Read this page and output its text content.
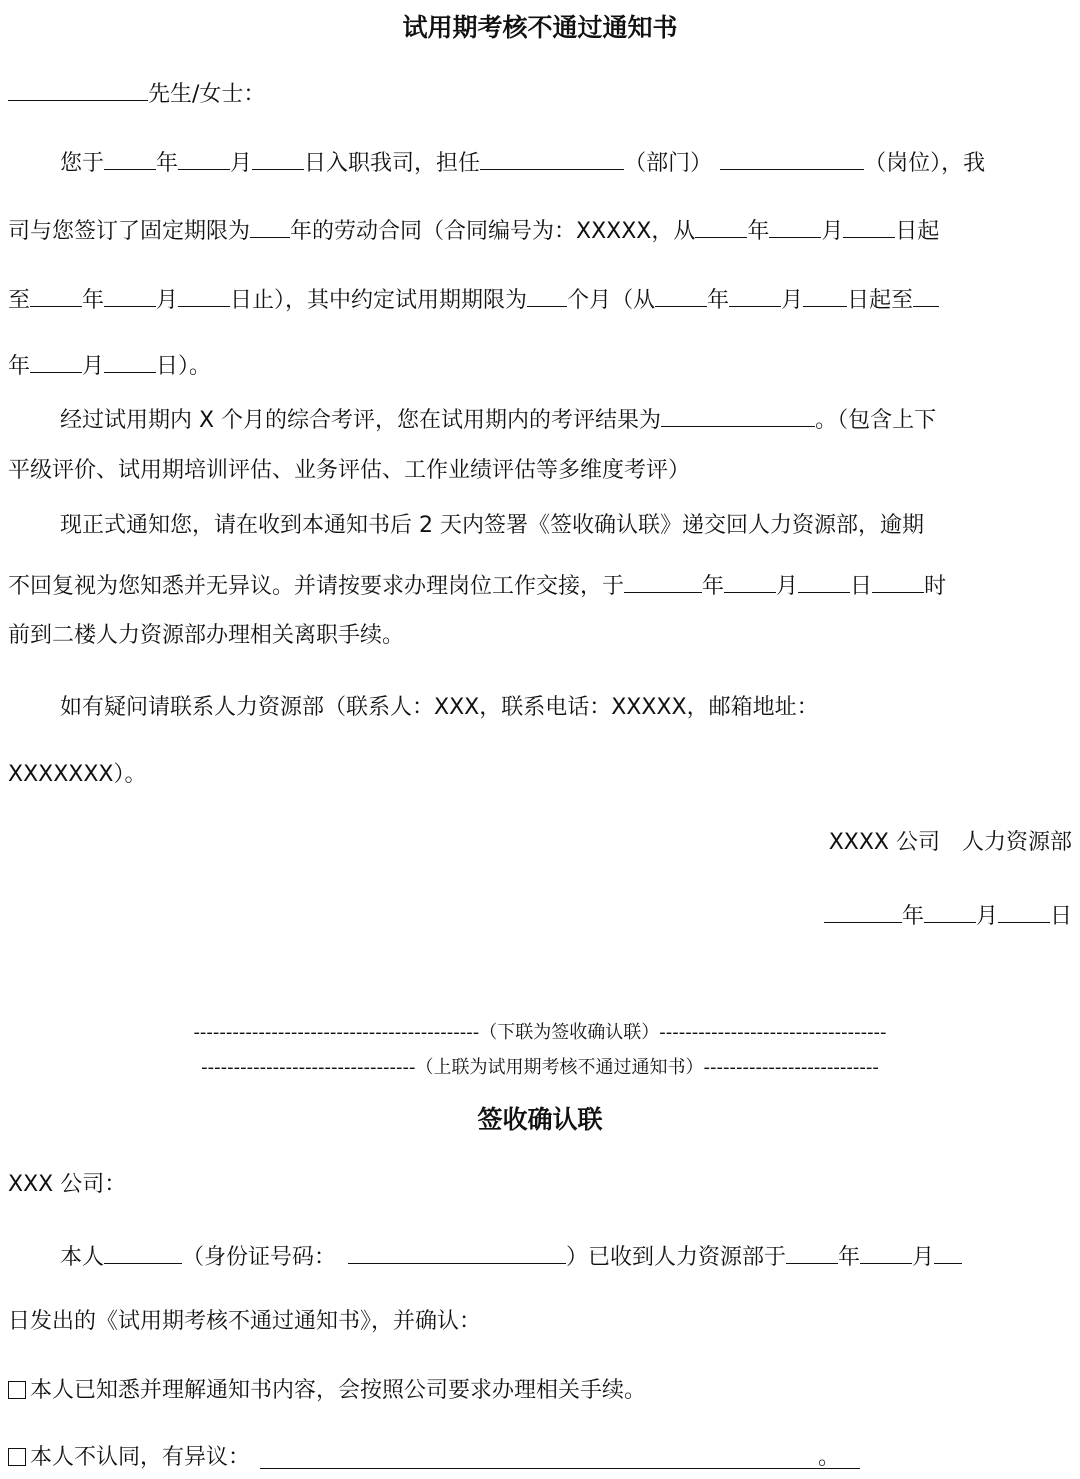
试用期考核不通过通知书
先生/女士：
您于 年 月 日入职我司，担任	（部门）	（岗位），我
司与您签订了固定期限为 年的劳动合同（合同编号为：XXXXX，从 年 月 日起
至 年 月 日止），其中约定试用期期限为 个月（从 年 月 日起至
年 月 日）。
经过试用期内 X 个月的综合考评，您在试用期内的考评结果为	。（包含上下
平级评价、试用期培训评估、业务评估、工作业绩评估等多维度考评）
现正式通知您，请在收到本通知书后 2 天内签署《签收确认联》递交回人力资源部，逾期
不回复视为您知悉并无异议。并请按要求办理岗位工作交接，于	年 月 日 时
前到二楼人力资源部办理相关离职手续。
如有疑问请联系人力资源部（联系人：XXX，联系电话：XXXXX，邮箱地址：
XXXXXXX）。
XXXX 公司　人力资源部
年 月 日
--------------------------------------------（下联为签收确认联）-----------------------------------
---------------------------------（上联为试用期考核不通过通知书）---------------------------
签收确认联
XXX 公司：
本人	（身份证号码：	）已收到人力资源部于 年 月
日发出的《试用期考核不通过通知书》，并确认：
本人已知悉并理解通知书内容，会按照公司要求办理相关手续。
本人不认同，有异议：	。
